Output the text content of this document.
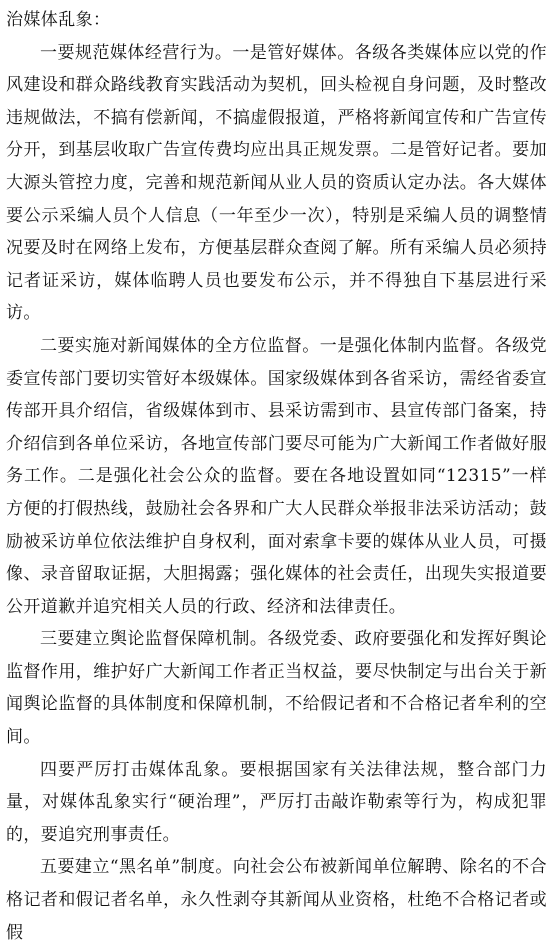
治媒体乱象：

一要规范媒体经营行为。一是管好媒体。各级各类媒体应以党的作风建设和群众路线教育实践活动为契机，回头检视自身问题，及时整改违规做法，不搞有偿新闻，不搞虚假报道，严格将新闻宣传和广告宣传分开，到基层收取广告宣传费均应出具正规发票。二是管好记者。要加大源头管控力度，完善和规范新闻从业人员的资质认定办法。各大媒体要公示采编人员个人信息（一年至少一次），特别是采编人员的调整情况要及时在网络上发布，方便基层群众查阅了解。所有采编人员必须持记者证采访，媒体临聘人员也要发布公示，并不得独自下基层进行采访。

二要实施对新闻媒体的全方位监督。一是强化体制内监督。各级党委宣传部门要切实管好本级媒体。国家级媒体到各省采访，需经省委宣传部开具介绍信，省级媒体到市、县采访需到市、县宣传部门备案，持介绍信到各单位采访，各地宣传部门要尽可能为广大新闻工作者做好服务工作。二是强化社会公众的监督。要在各地设置如同“12315”一样方便的打假热线，鼓励社会各界和广大人民群众举报非法采访活动；鼓励被采访单位依法维护自身权利，面对索拿卡要的媒体从业人员，可摄像、录音留取证据，大胆揭露；强化媒体的社会责任，出现失实报道要公开道歉并追究相关人员的行政、经济和法律责任。

三要建立舆论监督保障机制。各级党委、政府要强化和发挥好舆论监督作用，维护好广大新闻工作者正当权益，要尽快制定与出台关于新闻舆论监督的具体制度和保障机制，不给假记者和不合格记者牟利的空间。

四要严厉打击媒体乱象。要根据国家有关法律法规，整合部门力量，对媒体乱象实行“硬治理”，严厉打击敲诈勒索等行为，构成犯罪的，要追究刑事责任。

五要建立“黑名单”制度。向社会公布被新闻单位解聘、除名的不合格记者和假记者名单，永久性剥夺其新闻从业资格，杜绝不合格记者或假
